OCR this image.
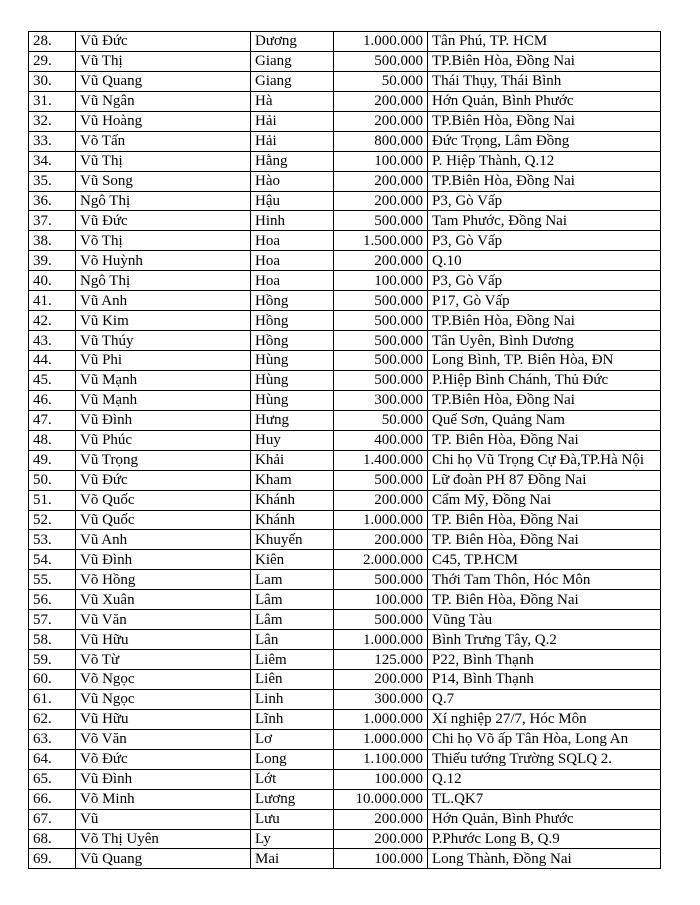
28.	Vũ Đức	Dương	1.000.000	Tân Phú, TP. HCM
29.	Vũ Thị	Giang	500.000	TP.Biên Hòa, Đồng Nai
30.	Vũ Quang	Giang	50.000	Thái Thụy, Thái Bình
31.	Vũ Ngân	Hà	200.000	Hớn Quản, Bình Phước
32.	Vũ Hoàng	Hải	200.000	TP.Biên Hòa, Đồng Nai
33.	Võ Tấn	Hải	800.000	Đức Trọng, Lâm Đồng
34.	Vũ Thị	Hằng	100.000	P. Hiệp Thành, Q.12
35.	Vũ Song	Hào	200.000	TP.Biên Hòa, Đồng Nai
36.	Ngô Thị	Hậu	200.000	P3, Gò Vấp
37.	Vũ Đức	Hinh	500.000	Tam Phước, Đồng Nai
38.	Võ Thị	Hoa	1.500.000	P3, Gò Vấp
39.	Võ Huỳnh	Hoa	200.000	Q.10
40.	Ngô Thị	Hoa	100.000	P3, Gò Vấp
41.	Vũ Anh	Hồng	500.000	P17, Gò Vấp
42.	Vũ Kim	Hồng	500.000	TP.Biên Hòa, Đồng Nai
43.	Vũ Thúy	Hồng	500.000	Tân Uyên, Bình Dương
44.	Vũ Phi	Hùng	500.000	Long Bình, TP. Biên Hòa, ĐN
45.	Vũ Mạnh	Hùng	500.000	P.Hiệp Bình Chánh, Thủ Đức
46.	Vũ Mạnh	Hùng	300.000	TP.Biên Hòa, Đồng Nai
47.	Vũ Đình	Hưng	50.000	Quế Sơn, Quảng Nam
48.	Vũ Phúc	Huy	400.000	TP. Biên Hòa, Đồng Nai
49.	Vũ Trọng	Khải	1.400.000	Chi họ Vũ Trọng Cự Đà,TP.Hà Nội
50.	Vũ Đức	Kham	500.000	Lữ đoàn PH 87 Đồng Nai
51.	Võ Quốc	Khánh	200.000	Cẩm Mỹ, Đồng Nai
52.	Vũ Quốc	Khánh	1.000.000	TP. Biên Hòa, Đồng Nai
53.	Vũ Anh	Khuyến	200.000	TP. Biên Hòa, Đồng Nai
54.	Vũ Đình	Kiên	2.000.000	C45, TP.HCM
55.	Võ Hồng	Lam	500.000	Thới Tam Thôn, Hóc Môn
56.	Vũ Xuân	Lâm	100.000	TP. Biên Hòa, Đồng Nai
57.	Vũ Văn	Lâm	500.000	Vũng Tàu
58.	Vũ Hữu	Lân	1.000.000	Bình Trưng Tây, Q.2
59.	Võ Từ	Liêm	125.000	P22, Bình Thạnh
60.	Võ Ngọc	Liên	200.000	P14, Bình Thạnh
61.	Vũ Ngọc	Linh	300.000	Q.7
62.	Vũ Hữu	Lĩnh	1.000.000	Xí nghiệp 27/7, Hóc Môn
63.	Võ Văn	Lơ	1.000.000	Chi họ Võ ấp Tân Hòa, Long An
64.	Võ Đức	Long	1.100.000	Thiếu tướng Trường SQLQ 2.
65.	Vũ Đình	Lớt	100.000	Q.12
66.	Võ Minh	Lương	10.000.000	TL.QK7
67.	Vũ	Lưu	200.000	Hớn Quản, Bình Phước
68.	Võ Thị Uyên	Ly	200.000	P.Phước Long B, Q.9
69.	Vũ Quang	Mai	100.000	Long Thành, Đồng Nai
